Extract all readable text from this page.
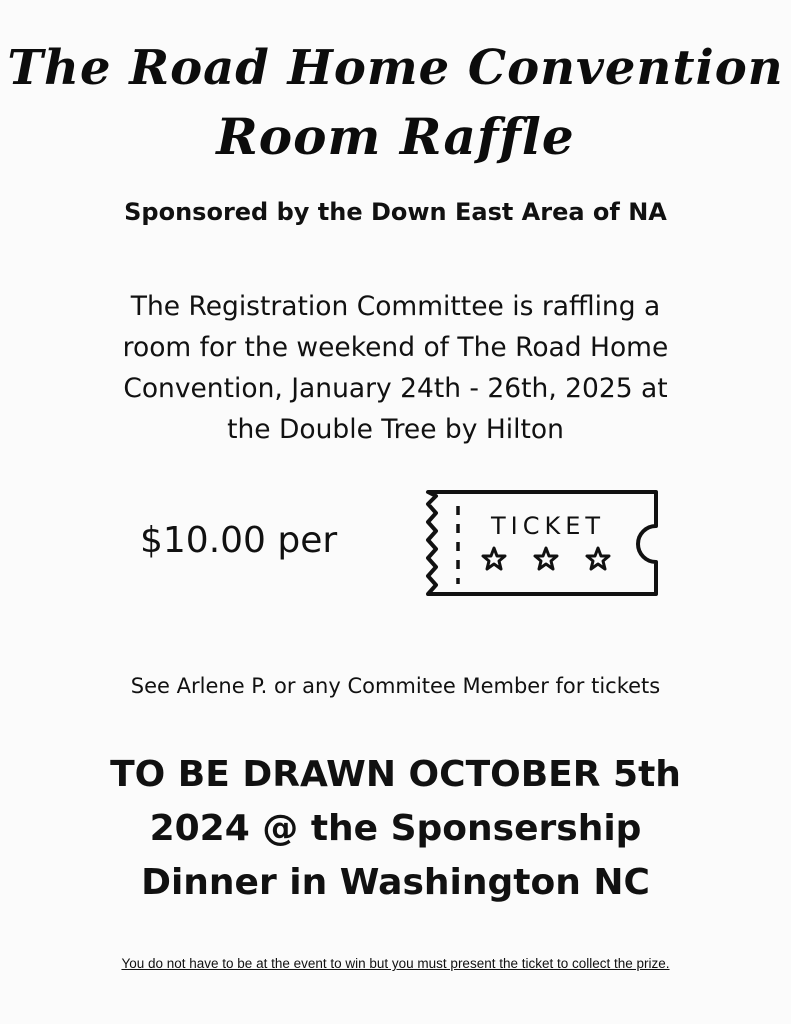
The Road Home Convention
Room Raffle
Sponsored by the Down East Area of NA
The Registration Committee is raffling a
room for the weekend of The Road Home
Convention, January 24th - 26th, 2025 at
the Double Tree by Hilton
$10.00 per	TICKET
See Arlene P. or any Commitee Member for tickets
TO BE DRAWN OCTOBER 5th
2024 @ the Sponsership
Dinner in Washington NC
You do not have to be at the event to win but you must present the ticket to collect the prize.
